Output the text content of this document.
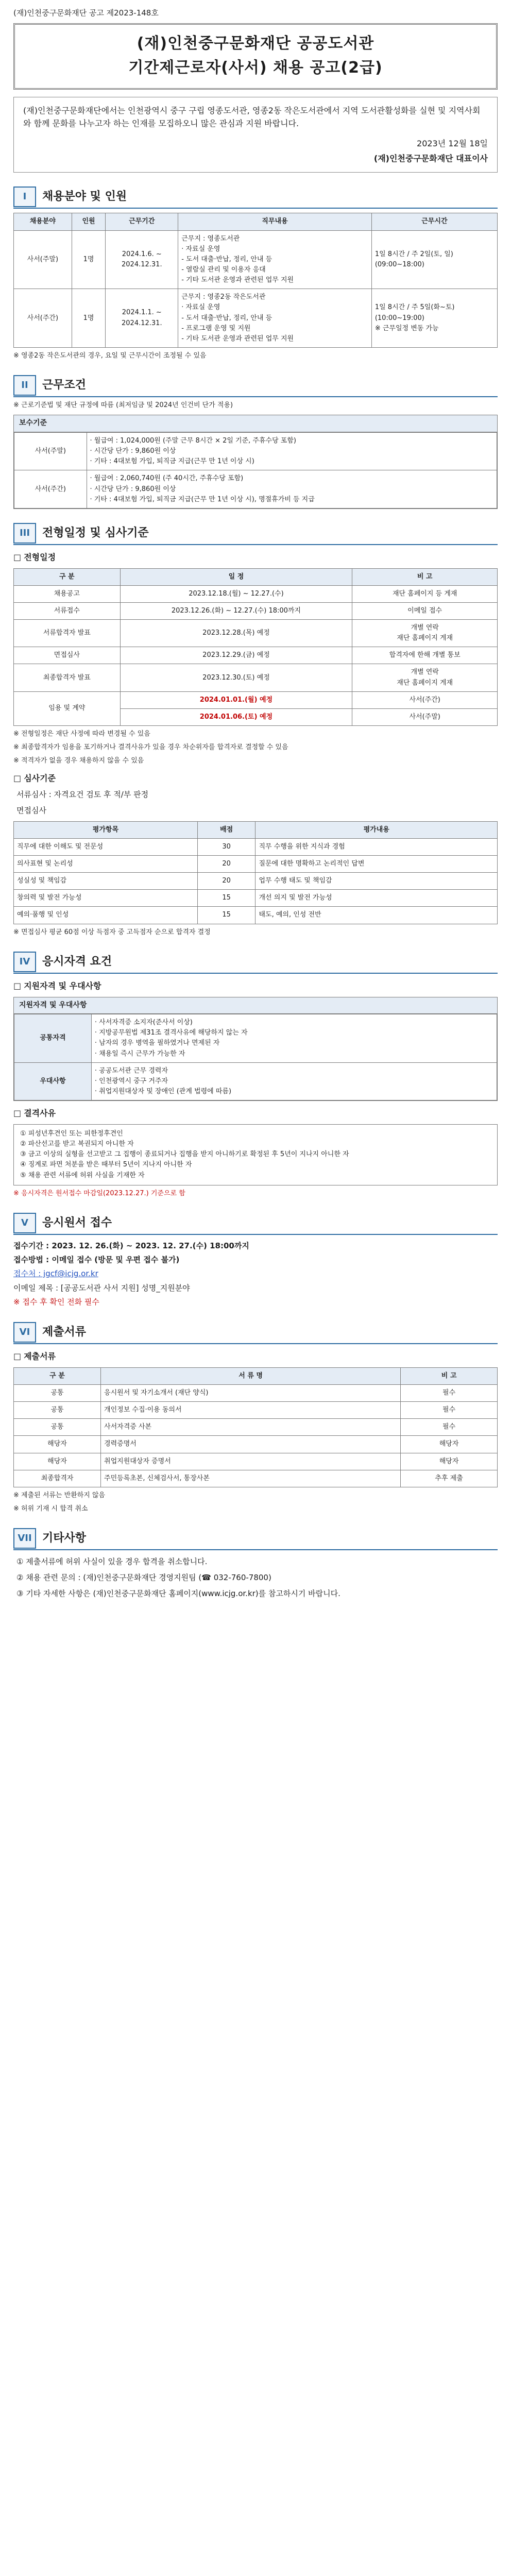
(재)인천중구문화재단 공고 제2023-148호
(재)인천중구문화재단 공공도서관
기간제근로자(사서) 채용 공고(2급)
(재)인천중구문화재단에서는 인천광역시 중구 구립 영종도서관, 영종2동 작은도서관에서 지역 도서관활성화를 실현 및 지역사회와 함께 문화를 나누고자 하는 인재를 모집하오니 많은 관심과 지원 바랍니다.
2023년 12월 18일
(재)인천중구문화재단 대표이사
I	채용분야 및 인원
채용분야	인원	근무기간	직무내용	근무시간
사서(주말)	1명	2024.1.6. ~ 2024.12.31.	근무지 : 영종도서관
· 자료실 운영
- 도서 대출·반납, 정리, 안내 등
- 열람실 관리 및 이용자 응대
- 기타 도서관 운영과 관련된 업무 지원	1일 8시간 / 주 2일(토, 일)
(09:00~18:00)
사서(주간)	1명	2024.1.1. ~ 2024.12.31.	근무지 : 영종2동 작은도서관
· 자료실 운영
- 도서 대출·반납, 정리, 안내 등
- 프로그램 운영 및 지원
- 기타 도서관 운영과 관련된 업무 지원	1일 8시간 / 주 5일(화~토)
(10:00~19:00)
※ 근무일정 변동 가능
※ 영종2동 작은도서관의 경우, 요일 및 근무시간이 조정될 수 있음
II	근무조건
※ 근로기준법 및 재단 규정에 따름 (최저임금 및 2024년 인건비 단가 적용)
보수기준
사서(주말)	· 월급여 : 1,024,000원 (주말 근무 8시간 × 2일 기준, 주휴수당 포함)
· 시간당 단가 : 9,860원 이상
· 기타 : 4대보험 가입, 퇴직금 지급(근무 만 1년 이상 시)
사서(주간)	· 월급여 : 2,060,740원 (주 40시간, 주휴수당 포함)
· 시간당 단가 : 9,860원 이상
· 기타 : 4대보험 가입, 퇴직금 지급(근무 만 1년 이상 시), 명절휴가비 등 지급
III	전형일정 및 심사기준
□ 전형일정
구 분	일 정	비 고
채용공고	2023.12.18.(월) ~ 12.27.(수)	재단 홈페이지 등 게재
서류접수	2023.12.26.(화) ~ 12.27.(수) 18:00까지	이메일 접수
서류합격자 발표	2023.12.28.(목) 예정	개별 연락
재단 홈페이지 게재
면접심사	2023.12.29.(금) 예정	합격자에 한해 개별 통보
최종합격자 발표	2023.12.30.(토) 예정	개별 연락
재단 홈페이지 게재
임용 및 계약	2024.01.01.(월) 예정	사서(주간)
	2024.01.06.(토) 예정	사서(주말)
※ 전형일정은 재단 사정에 따라 변경될 수 있음
※ 최종합격자가 임용을 포기하거나 결격사유가 있을 경우 차순위자를 합격자로 결정할 수 있음
※ 적격자가 없을 경우 채용하지 않을 수 있음
□ 심사기준
서류심사 : 자격요건 검토 후 적/부 판정
면접심사
평가항목	배점	평가내용
직무에 대한 이해도 및 전문성	30	직무 수행을 위한 지식과 경험
의사표현 및 논리성	20	질문에 대한 명확하고 논리적인 답변
성실성 및 책임감	20	업무 수행 태도 및 책임감
창의력 및 발전 가능성	15	개선 의지 및 발전 가능성
예의·품행 및 인성	15	태도, 예의, 인성 전반
※ 면접심사 평균 60점 이상 득점자 중 고득점자 순으로 합격자 결정
IV	응시자격 요건
□ 지원자격 및 우대사항
지원자격 및 우대사항
공통자격	· 사서자격증 소지자(준사서 이상)
· 지방공무원법 제31조 결격사유에 해당하지 않는 자
· 남자의 경우 병역을 필하였거나 면제된 자
· 채용일 즉시 근무가 가능한 자
우대사항	· 공공도서관 근무 경력자
· 인천광역시 중구 거주자
· 취업지원대상자 및 장애인 (관계 법령에 따름)
□ 결격사유
① 피성년후견인 또는 피한정후견인
② 파산선고를 받고 복권되지 아니한 자
③ 금고 이상의 실형을 선고받고 그 집행이 종료되거나 집행을 받지 아니하기로 확정된 후 5년이 지나지 아니한 자
④ 징계로 파면 처분을 받은 때부터 5년이 지나지 아니한 자
⑤ 채용 관련 서류에 허위 사실을 기재한 자
※ 응시자격은 원서접수 마감일(2023.12.27.) 기준으로 함
V	응시원서 접수
접수기간 : 2023. 12. 26.(화) ~ 2023. 12. 27.(수) 18:00까지
접수방법 : 이메일 접수 (방문 및 우편 접수 불가)
접수처 : jgcf@icjg.or.kr
이메일 제목 : [공공도서관 사서 지원] 성명_지원분야
※ 접수 후 확인 전화 필수
VI	제출서류
□ 제출서류
구 분	서 류 명	비 고
공통	응시원서 및 자기소개서 (재단 양식)	필수
공통	개인정보 수집·이용 동의서	필수
공통	사서자격증 사본	필수
해당자	경력증명서	해당자
해당자	취업지원대상자 증명서	해당자
최종합격자	주민등록초본, 신체검사서, 통장사본	추후 제출
※ 제출된 서류는 반환하지 않음
※ 허위 기재 시 합격 취소
VII 기타사항
① 제출서류에 허위 사실이 있을 경우 합격을 취소합니다.
② 채용 관련 문의 : (재)인천중구문화재단 경영지원팀 (☎ 032-760-7800)
③ 기타 자세한 사항은 (재)인천중구문화재단 홈페이지(www.icjg.or.kr)를 참고하시기 바랍니다.
